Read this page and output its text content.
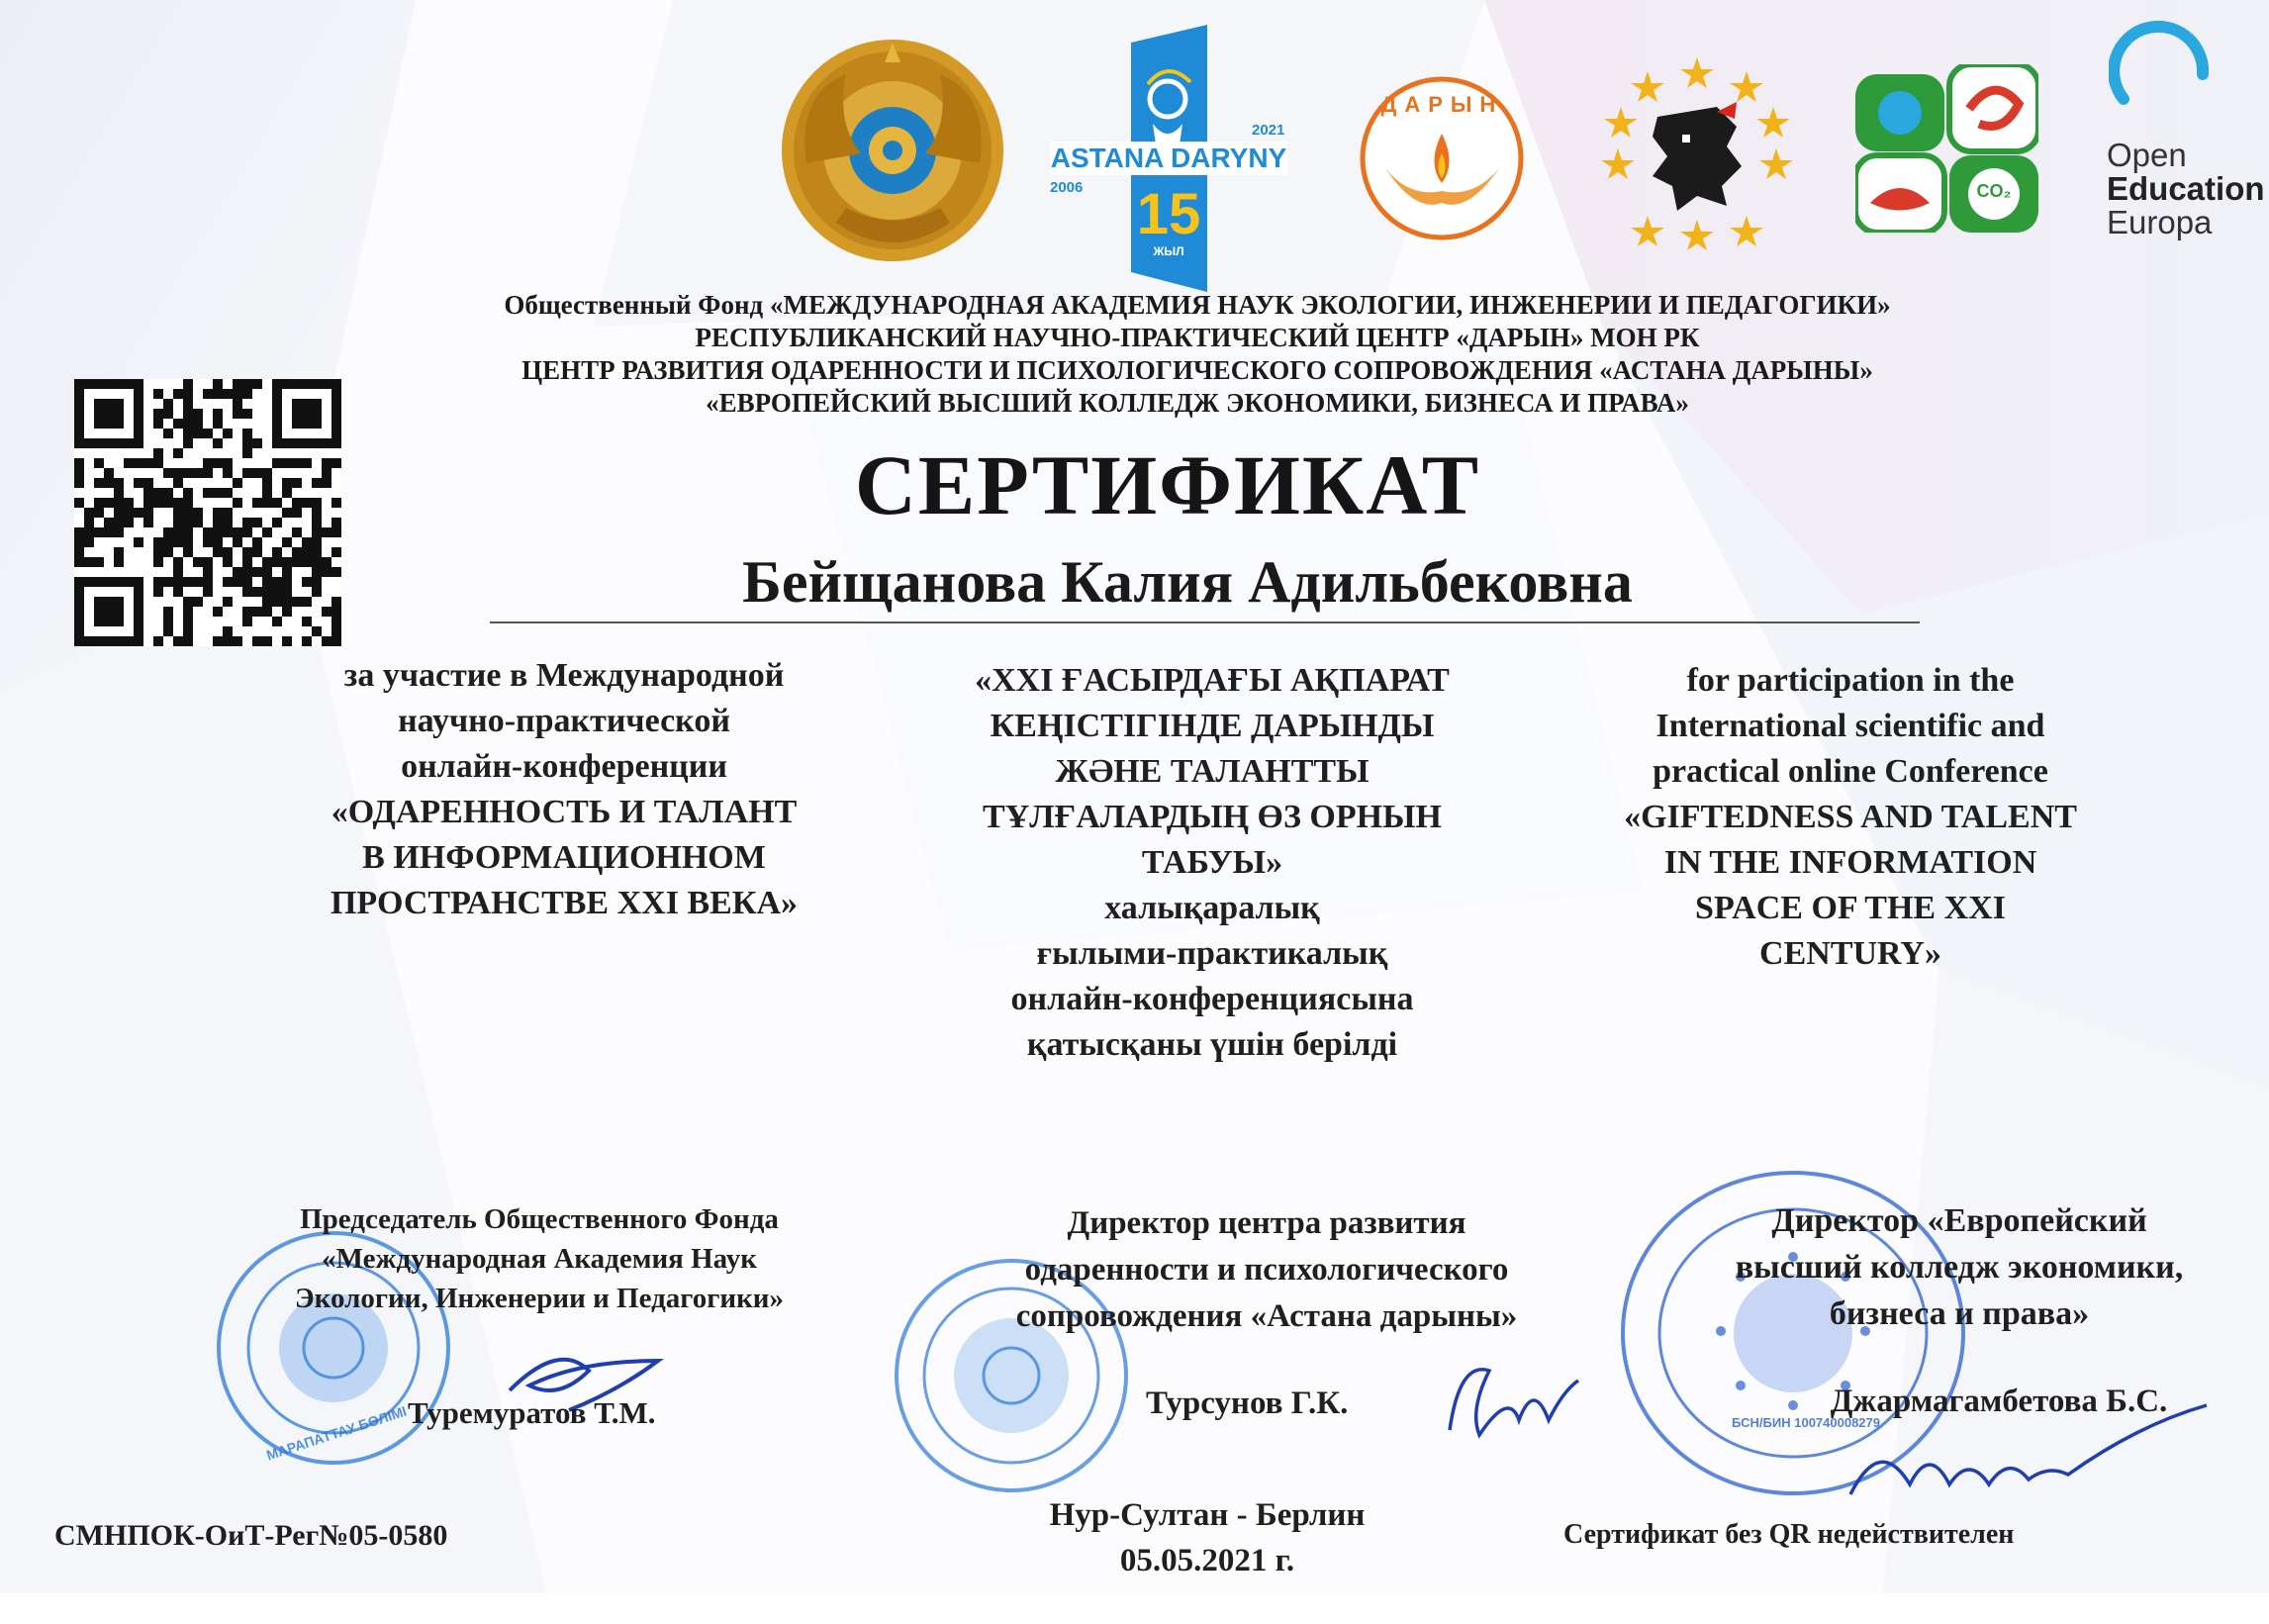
ASTANA DARYNY
2021
2006 15
ЖЫЛ
ДАРЫН
CO₂
Open
Education
Europa
Общественный Фонд «МЕЖДУНАРОДНАЯ АКАДЕМИЯ НАУК ЭКОЛОГИИ, ИНЖЕНЕРИИ И ПЕДАГОГИКИ»
РЕСПУБЛИКАНСКИЙ НАУЧНО-ПРАКТИЧЕСКИЙ ЦЕНТР «ДАРЫН» МОН РК
ЦЕНТР РАЗВИТИЯ ОДАРЕННОСТИ И ПСИХОЛОГИЧЕСКОГО СОПРОВОЖДЕНИЯ «АСТАНА ДАРЫНЫ»
«ЕВРОПЕЙСКИЙ ВЫСШИЙ КОЛЛЕДЖ ЭКОНОМИКИ, БИЗНЕСА И ПРАВА»
СЕРТИФИКАТ
Бейщанова Калия Адильбековна
за участие в Международной
научно-практической
онлайн-конференции
«ОДАРЕННОСТЬ И ТАЛАНТ
В ИНФОРМАЦИОННОМ
ПРОСТРАНСТВЕ XXI ВЕКА»
«XXI ҒАСЫРДАҒЫ АҚПАРАТ
КЕҢІСТІГІНДЕ ДАРЫНДЫ
ЖӘНЕ ТАЛАНТТЫ
ТҰЛҒАЛАРДЫҢ ӨЗ ОРНЫН
ТАБУЫ»
халықаралық
ғылыми-практикалық
онлайн-конференциясына
қатысқаны үшін берілді
for participation in the
International scientific and
practical online Conference
«GIFTEDNESS AND TALENT
IN THE INFORMATION
SPACE OF THE XXI
CENTURY»
МАРАПАТТАУ БӨЛІМІ	БСН/БИН 100740008279
Председатель Общественного Фонда
«Международная Академия Наук
Экологии, Инженерии и Педагогики»
Туремуратов Т.М.
Директор центра развития
одаренности и психологического
сопровождения «Астана дарыны»
Турсунов Г.К.
Директор «Европейский
высший колледж экономики,
бизнеса и права»
Джармагамбетова Б.С.
СМНПОК-ОиТ-Рег№05-0580
Нур-Султан - Берлин
05.05.2021 г.
Сертификат без QR недействителен
